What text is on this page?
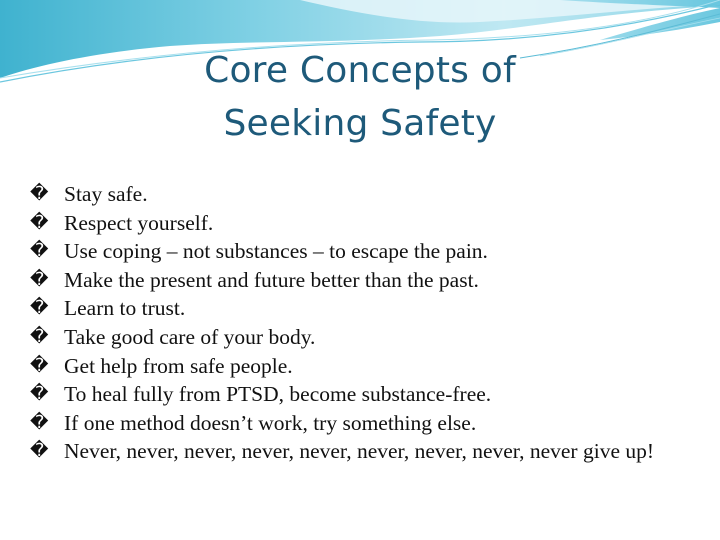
Core Concepts of
Seeking Safety
� Stay safe.
� Respect yourself.
� Use coping – not substances – to escape the pain.
� Make the present and future better than the past.
� Learn to trust.
� Take good care of your body.
� Get help from safe people.
� To heal fully from PTSD, become substance-free.
� If one method doesn’t work, try something else.
� Never, never, never, never, never, never, never, never, never give up!
